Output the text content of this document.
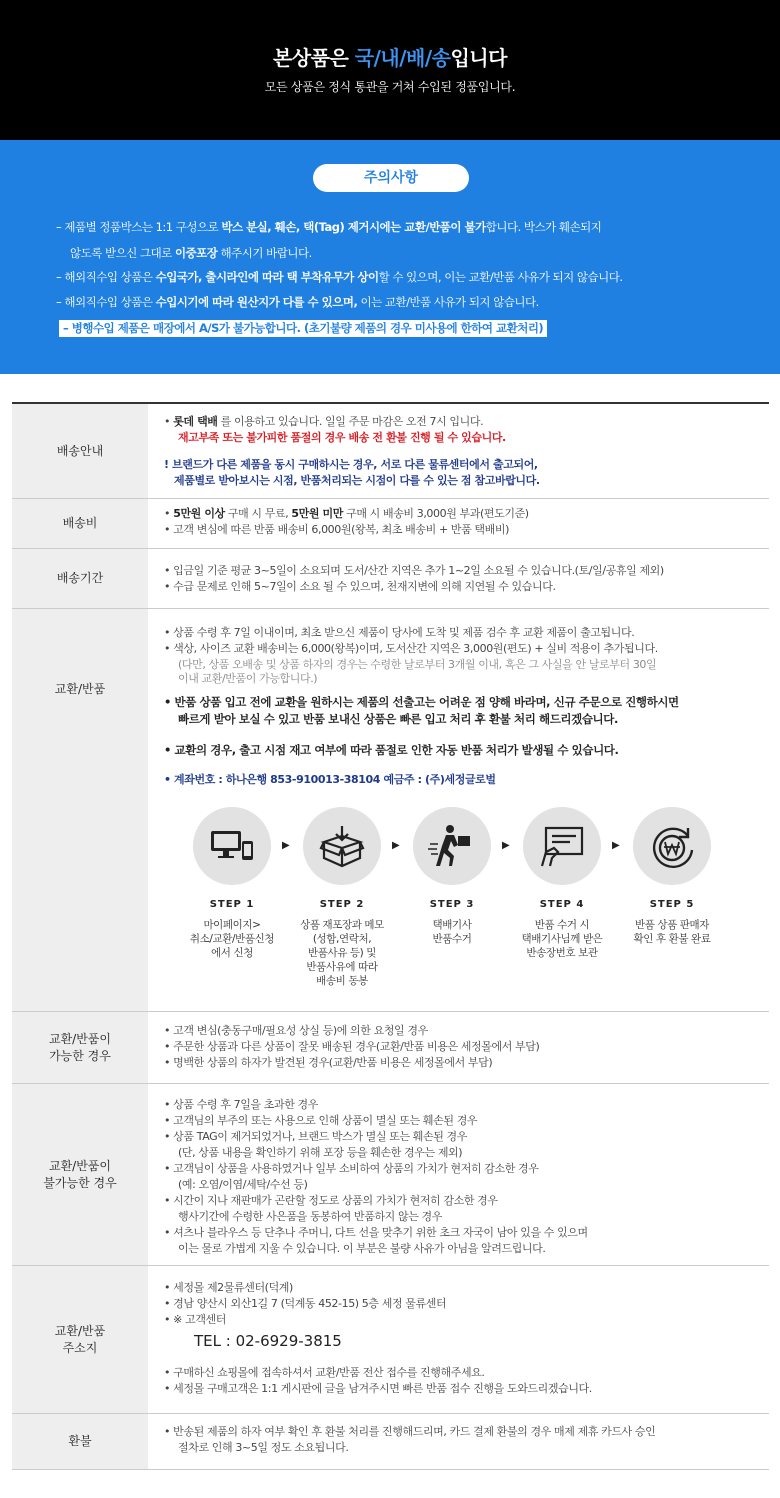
본상품은 국/내/배/송입니다
모든 상품은 정식 통관을 거쳐 수입된 정품입니다.
주의사항
– 제품별 정품박스는 1:1 구성으로 박스 분실, 훼손, 택(Tag) 제거시에는 교환/반품이 불가합니다. 박스가 훼손되지
않도록 받으신 그대로 이중포장 해주시기 바랍니다.
– 해외직수입 상품은 수입국가, 출시라인에 따라 택 부착유무가 상이할 수 있으며, 이는 교환/반품 사유가 되지 않습니다.
– 해외직수입 상품은 수입시기에 따라 원산지가 다를 수 있으며, 이는 교환/반품 사유가 되지 않습니다.
– 병행수입 제품은 매장에서 A/S가 불가능합니다. (초기불량 제품의 경우 미사용에 한하여 교환처리)
배송안내
• 롯데 택배 를 이용하고 있습니다. 일일 주문 마감은 오전 7시 입니다.
재고부족 또는 불가피한 품절의 경우 배송 전 환불 진행 될 수 있습니다.
! 브랜드가 다른 제품을 동시 구매하시는 경우, 서로 다른 물류센터에서 출고되어,
제품별로 받아보시는 시점, 반품처리되는 시점이 다를 수 있는 점 참고바랍니다.
배송비
• 5만원 이상 구매 시 무료, 5만원 미만 구매 시 배송비 3,000원 부과(편도기준)
• 고객 변심에 따른 반품 배송비 6,000원(왕복, 최초 배송비 + 반품 택배비)
배송기간
• 입금일 기준 평균 3~5일이 소요되며 도서/산간 지역은 추가 1~2일 소요될 수 있습니다.(토/일/공휴일 제외)
• 수급 문제로 인해 5~7일이 소요 될 수 있으며, 천재지변에 의해 지연될 수 있습니다.
교환/반품
• 상품 수령 후 7일 이내이며, 최초 받으신 제품이 당사에 도착 및 제품 검수 후 교환 제품이 출고됩니다.
• 색상, 사이즈 교환 배송비는 6,000(왕복)이며, 도서산간 지역은 3,000원(편도) + 실비 적용이 추가됩니다.
(다만, 상품 오배송 및 상품 하자의 경우는 수령한 날로부터 3개월 이내, 혹은 그 사실을 안 날로부터 30일
이내 교환/반품이 가능합니다.)
• 반품 상품 입고 전에 교환을 원하시는 제품의 선출고는 어려운 점 양해 바라며, 신규 주문으로 진행하시면
빠르게 받아 보실 수 있고 반품 보내신 상품은 빠른 입고 처리 후 환불 처리 해드리겠습니다.
• 교환의 경우, 출고 시점 재고 여부에 따라 품절로 인한 자동 반품 처리가 발생될 수 있습니다.
• 계좌번호 : 하나은행 853-910013-38104 예금주 : (주)세정글로벌
STEP 1
마이페이지>
취소/교환/반품신청
에서 신청
▶
STEP 2
상품 재포장과 메모
(성함,연락처,
반품사유 등) 및
반품사유에 따라
배송비 동봉
▶
STEP 3
택배기사
반품수거
▶
STEP 4
반품 수거 시
택배기사님께 받은
반송장번호 보관
▶
STEP 5
반품 상품 판매자
확인 후 환불 완료
교환/반품이
가능한 경우
• 고객 변심(충동구매/필요성 상실 등)에 의한 요청일 경우
• 주문한 상품과 다른 상품이 잘못 배송된 경우(교환/반품 비용은 세정몰에서 부담)
• 명백한 상품의 하자가 발견된 경우(교환/반품 비용은 세정몰에서 부담)
교환/반품이
불가능한 경우
• 상품 수령 후 7일을 초과한 경우
• 고객님의 부주의 또는 사용으로 인해 상품이 멸실 또는 훼손된 경우
• 상품 TAG이 제거되었거나, 브랜드 박스가 멸실 또는 훼손된 경우
(단, 상품 내용을 확인하기 위해 포장 등을 훼손한 경우는 제외)
• 고객님이 상품을 사용하였거나 일부 소비하여 상품의 가치가 현저히 감소한 경우
(예: 오염/이염/세탁/수선 등)
• 시간이 지나 재판매가 곤란할 정도로 상품의 가치가 현저히 감소한 경우
행사기간에 수령한 사은품을 동봉하여 반품하지 않는 경우
• 셔츠나 블라우스 등 단추나 주머니, 다트 선을 맞추기 위한 초크 자국이 남아 있을 수 있으며
이는 물로 가볍게 지울 수 있습니다. 이 부분은 불량 사유가 아님을 알려드립니다.
교환/반품
주소지
• 세정몰 제2물류센터(덕계)
• 경남 양산시 외산1길 7 (덕계동 452-15) 5층 세정 물류센터
• ※ 고객센터
TEL : 02-6929-3815
• 구매하신 쇼핑몰에 접속하셔서 교환/반품 전산 접수를 진행해주세요.
• 세정몰 구매고객은 1:1 게시판에 글을 남겨주시면 빠른 반품 접수 진행을 도와드리겠습니다.
환불
• 반송된 제품의 하자 여부 확인 후 환불 처리를 진행해드리며, 카드 결제 환불의 경우 매제 제휴 카드사 승인
절차로 인해 3~5일 정도 소요됩니다.
